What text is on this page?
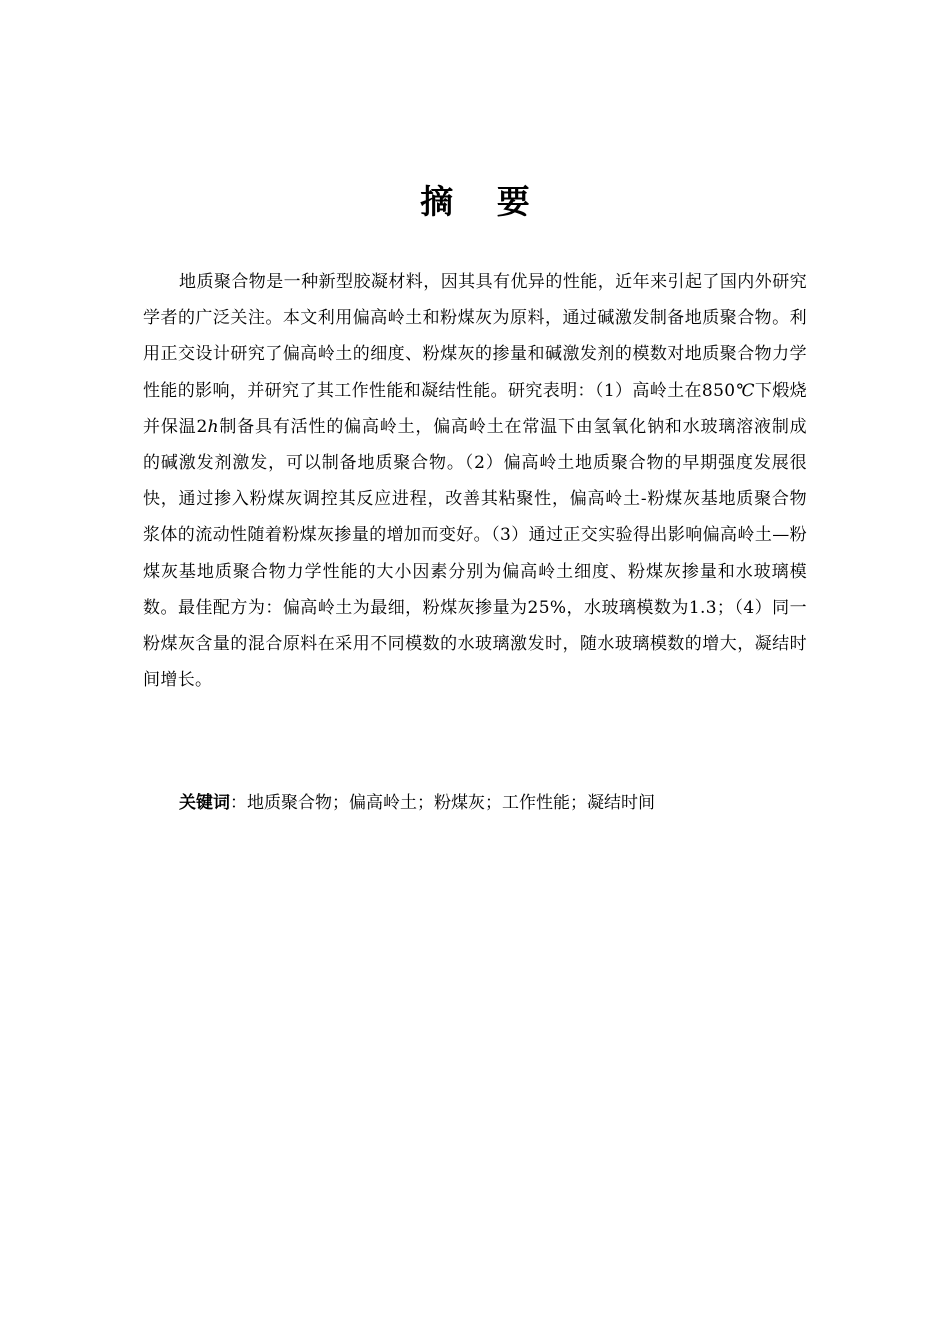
摘 要

地质聚合物是一种新型胶凝材料，因其具有优异的性能，近年来引起了国内外研究学者的广泛关注。本文利用偏高岭土和粉煤灰为原料，通过碱激发制备地质聚合物。利用正交设计研究了偏高岭土的细度、粉煤灰的掺量和碱激发剂的模数对地质聚合物力学性能的影响，并研究了其工作性能和凝结性能。研究表明：（1）高岭土在850℃下煅烧并保温2h制备具有活性的偏高岭土，偏高岭土在常温下由氢氧化钠和水玻璃溶液制成的碱激发剂激发，可以制备地质聚合物。（2）偏高岭土地质聚合物的早期强度发展很快，通过掺入粉煤灰调控其反应进程，改善其粘聚性，偏高岭土-粉煤灰基地质聚合物浆体的流动性随着粉煤灰掺量的增加而变好。（3）通过正交实验得出影响偏高岭土—粉煤灰基地质聚合物力学性能的大小因素分别为偏高岭土细度、粉煤灰掺量和水玻璃模数。最佳配方为：偏高岭土为最细，粉煤灰掺量为25%，水玻璃模数为1.3；（4）同一粉煤灰含量的混合原料在采用不同模数的水玻璃激发时，随水玻璃模数的增大，凝结时间增长。

关键词：地质聚合物；偏高岭土；粉煤灰；工作性能；凝结时间
